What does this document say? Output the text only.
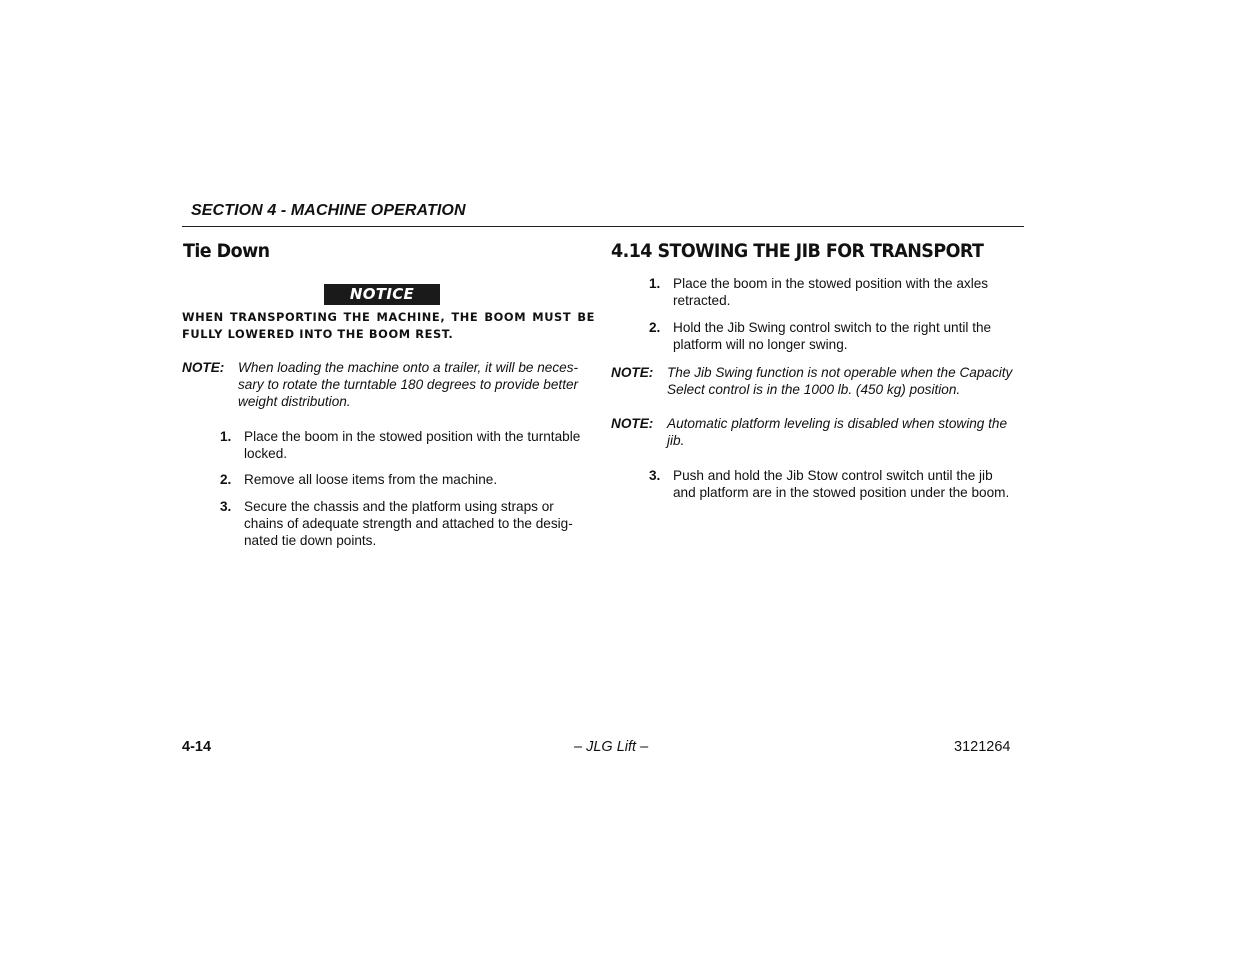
SECTION 4 - MACHINE OPERATION
Tie Down
NOTICE
WHEN TRANSPORTING THE MACHINE, THE BOOM MUST BE FULLY LOWERED INTO THE BOOM REST.
NOTE:	When loading the machine onto a trailer, it will be neces-
sary to rotate the turntable 180 degrees to provide better
weight distribution.
1. Place the boom in the stowed position with the turntable
locked.
2. Remove all loose items from the machine.
3. Secure the chassis and the platform using straps or
chains of adequate strength and attached to the desig-
nated tie down points.
4.14 STOWING THE JIB FOR TRANSPORT
1. Place the boom in the stowed position with the axles
retracted.
2. Hold the Jib Swing control switch to the right until the
platform will no longer swing.
NOTE:	The Jib Swing function is not operable when the Capacity
Select control is in the 1000 lb. (450 kg) position.
NOTE:	Automatic platform leveling is disabled when stowing the
jib.
3. Push and hold the Jib Stow control switch until the jib
and platform are in the stowed position under the boom.
4-14	– JLG Lift –	3121264
